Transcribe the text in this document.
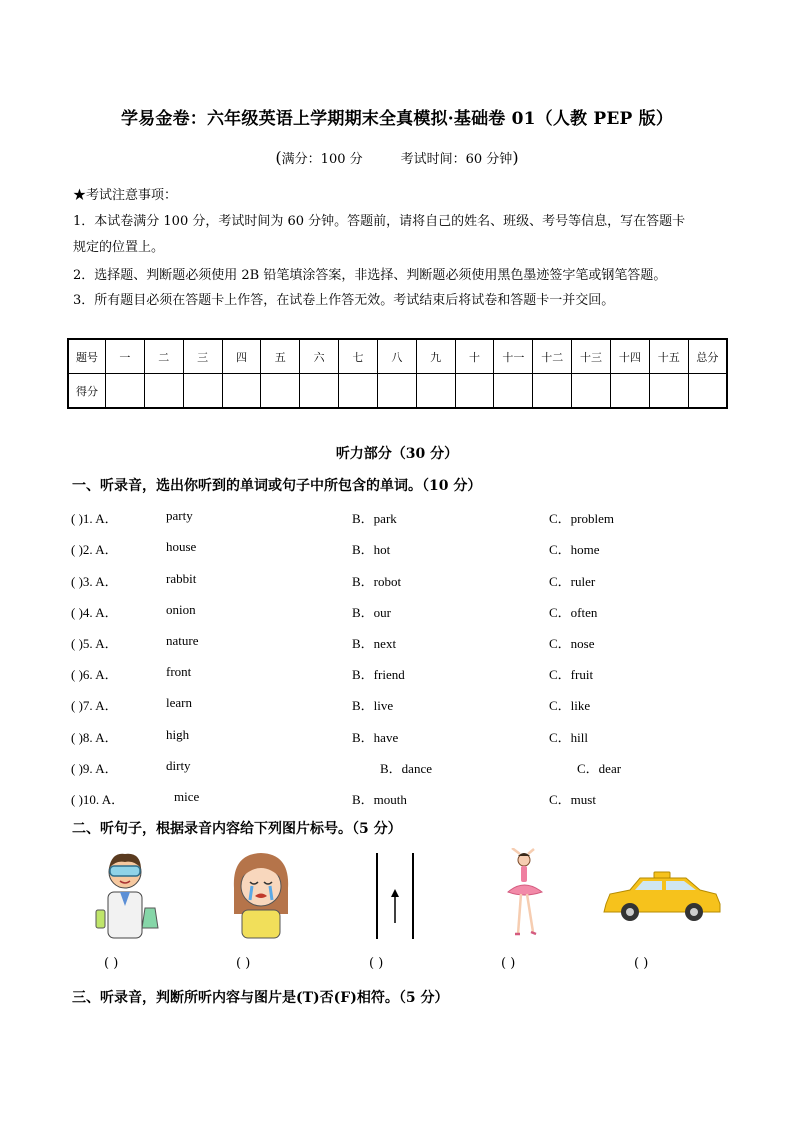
学易金卷：六年级英语上学期期末全真模拟·基础卷 01（人教 PEP 版）
(满分：100 分	考试时间：60 分钟)
★考试注意事项：
1．本试卷满分 100 分，考试时间为 60 分钟。答题前，请将自己的姓名、班级、考号等信息，写在答题卡
规定的位置上。
2．选择题、判断题必须使用 2B 铅笔填涂答案，非选择、判断题必须使用黑色墨迹签字笔或钢笔答题。
3．所有题目必须在答题卡上作答，在试卷上作答无效。考试结束后将试卷和答题卡一并交回。
题号	一	二	三	四	五	六	七	八	九	十	十一	十二	十三	十四	十五	总分
得分																
听力部分（30 分）
一、听录音，选出你听到的单词或句子中所包含的单词。（10 分）
( )1. A．	party	B．park	C．problem
( )2. A．	house	B．hot	C．home
( )3. A．	rabbit	B．robot	C．ruler
( )4. A．	onion	B．our	C．often
( )5. A．	nature	B．next	C．nose
( )6. A．	front	B．friend	C．fruit
( )7. A．	learn	B．live	C．like
( )8. A．	high	B．have	C．hill
( )9. A．	dirty	B．dance	C．dear
( )10. A．	mice	B．mouth	C．must
二、听句子，根据录音内容给下列图片标号。（5 分）
( )	( )	( )	( )	( )
三、听录音，判断所听内容与图片是(T)否(F)相符。（5 分）
